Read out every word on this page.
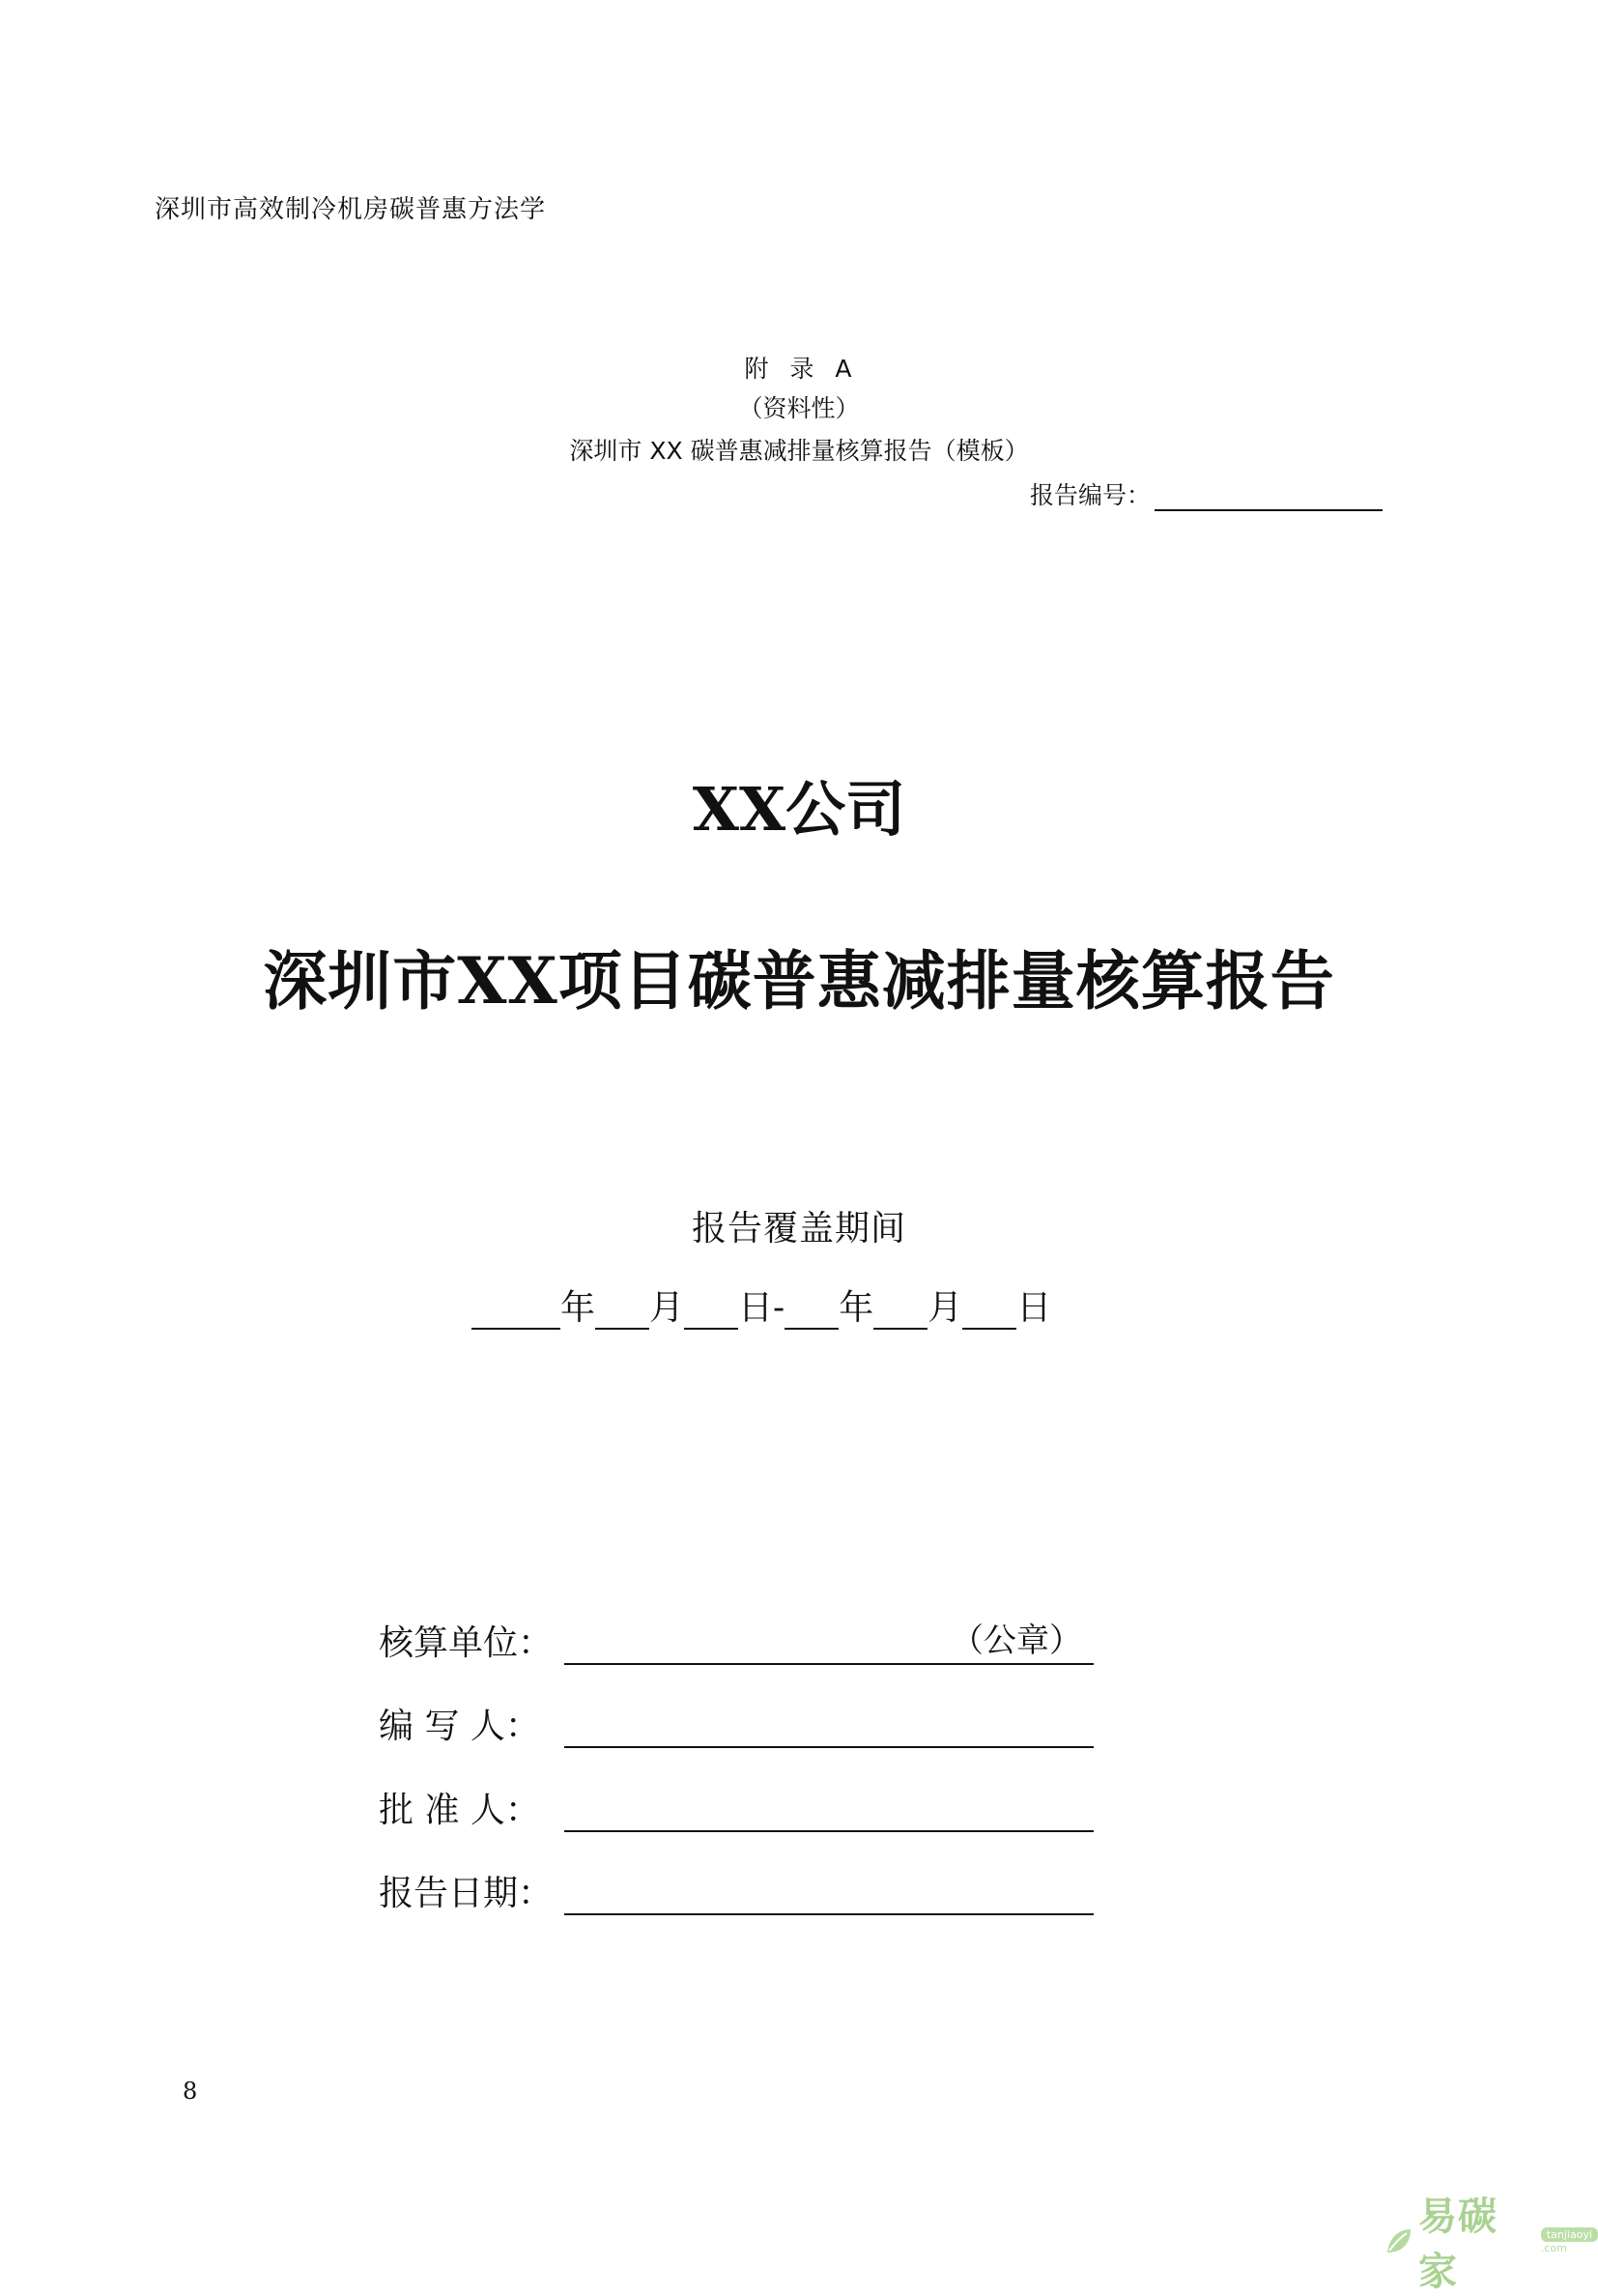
深圳市高效制冷机房碳普惠方法学
附  录  A
（资料性）
深圳市 XX 碳普惠减排量核算报告（模板）
报告编号：
XX公司
深圳市XX项目碳普惠减排量核算报告
报告覆盖期间
年 月 日- 年 月 日
核算单位：	（公章）
编 写 人：
批 准 人：
报告日期：
8
易碳家
tanjiaoyi
.com
